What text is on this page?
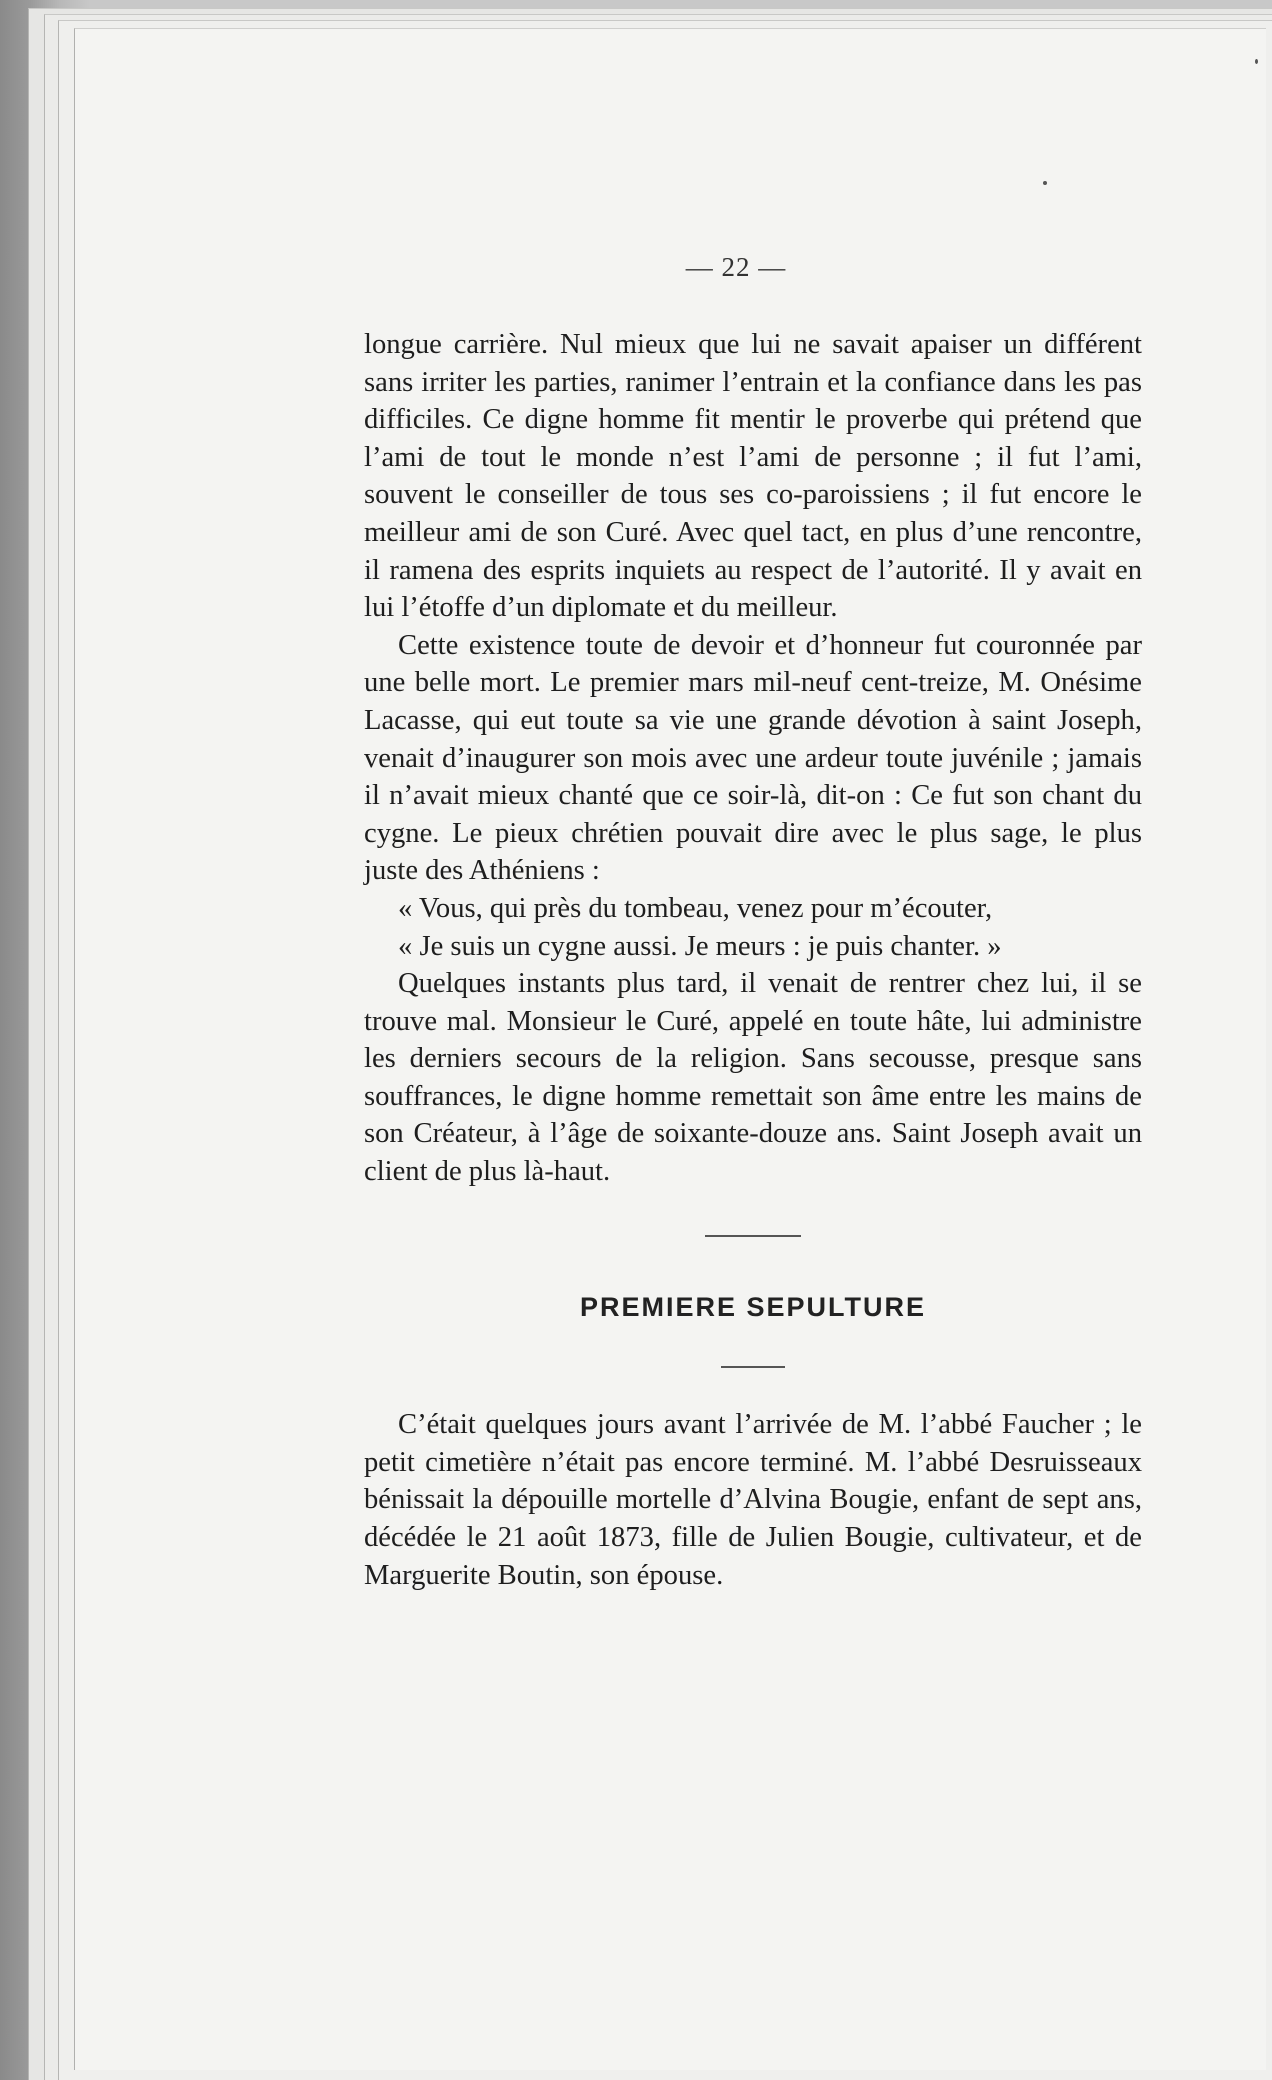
— 22 —

longue carrière. Nul mieux que lui ne savait apaiser un différent sans irriter les parties, ranimer l’entrain et la confiance dans les pas difficiles. Ce digne homme fit mentir le proverbe qui prétend que l’ami de tout le monde n’est l’ami de personne ; il fut l’ami, souvent le conseiller de tous ses co-paroissiens ; il fut encore le meilleur ami de son Curé. Avec quel tact, en plus d’une rencontre, il ramena des esprits inquiets au respect de l’autorité. Il y avait en lui l’étoffe d’un diplomate et du meilleur.

Cette existence toute de devoir et d’honneur fut couronnée par une belle mort. Le premier mars mil-neuf cent-treize, M. Onésime Lacasse, qui eut toute sa vie une grande dévotion à saint Joseph, venait d’inaugurer son mois avec une ardeur toute juvénile ; jamais il n’avait mieux chanté que ce soir-là, dit-on : Ce fut son chant du cygne. Le pieux chrétien pouvait dire avec le plus sage, le plus juste des Athéniens :

« Vous, qui près du tombeau, venez pour m’écouter,

« Je suis un cygne aussi. Je meurs : je puis chanter. »

Quelques instants plus tard, il venait de rentrer chez lui, il se trouve mal. Monsieur le Curé, appelé en toute hâte, lui administre les derniers secours de la religion. Sans secousse, presque sans souffrances, le digne homme remettait son âme entre les mains de son Créateur, à l’âge de soixante-douze ans. Saint Joseph avait un client de plus là-haut.

PREMIERE SEPULTURE

C’était quelques jours avant l’arrivée de M. l’abbé Faucher ; le petit cimetière n’était pas encore terminé. M. l’abbé Desruisseaux bénissait la dépouille mortelle d’Alvina Bougie, enfant de sept ans, décédée le 21 août 1873, fille de Julien Bougie, cultivateur, et de Marguerite Boutin, son épouse.
